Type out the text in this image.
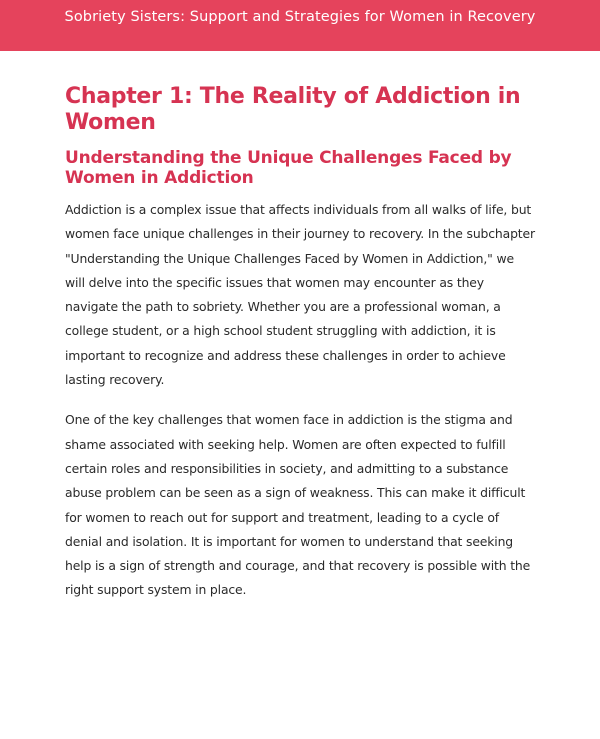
Sobriety Sisters: Support and Strategies for Women in Recovery
Chapter 1: The Reality of Addiction in Women
Understanding the Unique Challenges Faced by Women in Addiction

Addiction is a complex issue that affects individuals from all walks of life, but women face unique challenges in their journey to recovery. In the subchapter "Understanding the Unique Challenges Faced by Women in Addiction," we will delve into the specific issues that women may encounter as they navigate the path to sobriety. Whether you are a professional woman, a college student, or a high school student struggling with addiction, it is important to recognize and address these challenges in order to achieve lasting recovery.

One of the key challenges that women face in addiction is the stigma and shame associated with seeking help. Women are often expected to fulfill certain roles and responsibilities in society, and admitting to a substance abuse problem can be seen as a sign of weakness. This can make it difficult for women to reach out for support and treatment, leading to a cycle of denial and isolation. It is important for women to understand that seeking help is a sign of strength and courage, and that recovery is possible with the right support system in place.
